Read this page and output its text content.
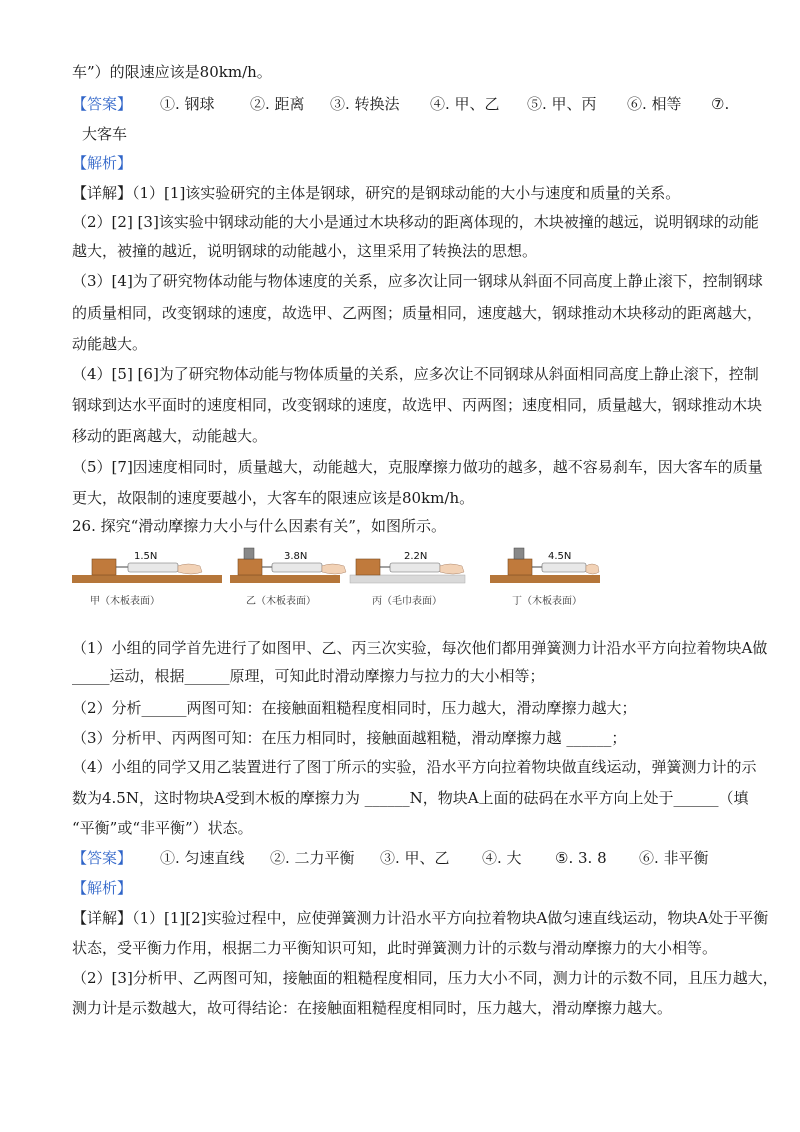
车”）的限速应该是80km/h。
【答案】 ①. 钢球 ②. 距离 ③. 转换法 ④. 甲、乙 ⑤. 甲、丙 ⑥. 相等 ⑦.
大客车
【解析】
【详解】（1）[1]该实验研究的主体是钢球，研究的是钢球动能的大小与速度和质量的关系。
（2）[2] [3]该实验中钢球动能的大小是通过木块移动的距离体现的，木块被撞的越远，说明钢球的动能
越大，被撞的越近，说明钢球的动能越小，这里采用了转换法的思想。
（3）[4]为了研究物体动能与物体速度的关系，应多次让同一钢球从斜面不同高度上静止滚下，控制钢球
的质量相同，改变钢球的速度，故选甲、乙两图；质量相同，速度越大，钢球推动木块移动的距离越大，
动能越大。
（4）[5] [6]为了研究物体动能与物体质量的关系，应多次让不同钢球从斜面相同高度上静止滚下，控制
钢球到达水平面时的速度相同，改变钢球的速度，故选甲、丙两图；速度相同，质量越大，钢球推动木块
移动的距离越大，动能越大。
（5）[7]因速度相同时，质量越大，动能越大，克服摩擦力做功的越多，越不容易刹车，因大客车的质量
更大，故限制的速度要越小，大客车的限速应该是80km/h。
26. 探究“滑动摩擦力大小与什么因素有关”，如图所示。
1.5N
甲（木板表面）
3.8N
乙（木板表面）
2.2N
丙（毛巾表面）
4.5N
丁（木板表面）
（1）小组的同学首先进行了如图甲、乙、丙三次实验，每次他们都用弹簧测力计沿水平方向拉着物块A做
_____运动，根据______原理，可知此时滑动摩擦力与拉力的大小相等；
（2）分析______两图可知：在接触面粗糙程度相同时，压力越大，滑动摩擦力越大；
（3）分析甲、丙两图可知：在压力相同时，接触面越粗糙，滑动摩擦力越 ______；
（4）小组的同学又用乙装置进行了图丁所示的实验，沿水平方向拉着物块做直线运动，弹簧测力计的示
数为4.5N，这时物块A受到木板的摩擦力为 ______N，物块A上面的砝码在水平方向上处于______（填
“平衡”或“非平衡”）状态。
【答案】 ①. 匀速直线 ②. 二力平衡 ③. 甲、乙 ④. 大 ⑤. 3. 8 ⑥. 非平衡
【解析】
【详解】（1）[1][2]实验过程中，应使弹簧测力计沿水平方向拉着物块A做匀速直线运动，物块A处于平衡
状态，受平衡力作用，根据二力平衡知识可知，此时弹簧测力计的示数与滑动摩擦力的大小相等。
（2）[3]分析甲、乙两图可知，接触面的粗糙程度相同，压力大小不同，测力计的示数不同，且压力越大，
测力计是示数越大，故可得结论：在接触面粗糙程度相同时，压力越大，滑动摩擦力越大。
